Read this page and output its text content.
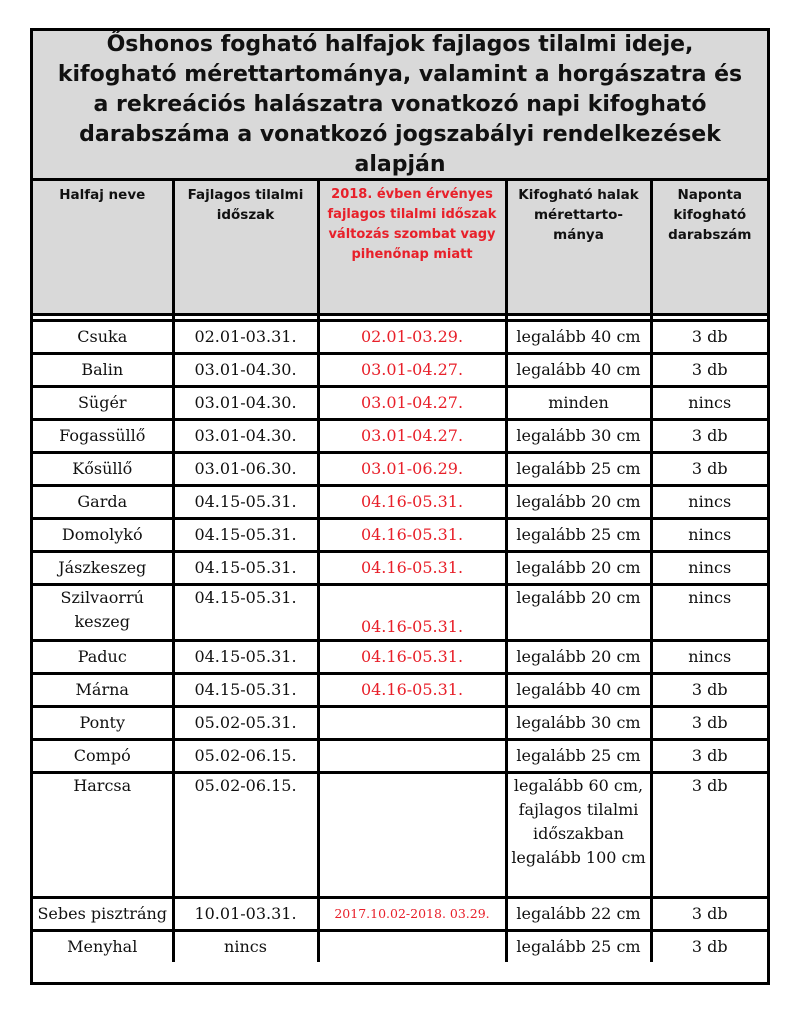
Őshonos fogható halfajok fajlagos tilalmi ideje, kifogható mérettartománya, valamint a horgászatra és a rekreációs halászatra vonatkozó napi kifogható darabszáma a vonatkozó jogszabályi rendelkezések alapján
Halfaj neve	Fajlagos tilalmi időszak	2018. évben érvényes fajlagos tilalmi időszak változás szombat vagy pihenőnap miatt	Kifogható halak mérettarto-mánya	Naponta kifogható darabszám

Csuka	02.01-03.31.	02.01-03.29.	legalább 40 cm	3 db
Balin	03.01-04.30.	03.01-04.27.	legalább 40 cm	3 db
Sügér	03.01-04.30.	03.01-04.27.	minden	nincs
Fogassüllő	03.01-04.30.	03.01-04.27.	legalább 30 cm	3 db
Kősüllő	03.01-06.30.	03.01-06.29.	legalább 25 cm	3 db
Garda	04.15-05.31.	04.16-05.31.	legalább 20 cm	nincs
Domolykó	04.15-05.31.	04.16-05.31.	legalább 25 cm	nincs
Jászkeszeg	04.15-05.31.	04.16-05.31.	legalább 20 cm	nincs
Szilvaorrú keszeg	04.15-05.31.	04.16-05.31.	legalább 20 cm	nincs
Paduc	04.15-05.31.	04.16-05.31.	legalább 20 cm	nincs
Márna	04.15-05.31.	04.16-05.31.	legalább 40 cm	3 db
Ponty	05.02-05.31.		legalább 30 cm	3 db
Compó	05.02-06.15.		legalább 25 cm	3 db
Harcsa	05.02-06.15.		legalább 60 cm, fajlagos tilalmi időszakban legalább 100 cm	3 db
Sebes pisztráng	10.01-03.31.	2017.10.02-2018. 03.29.	legalább 22 cm	3 db
Menyhal	nincs		legalább 25 cm	3 db
